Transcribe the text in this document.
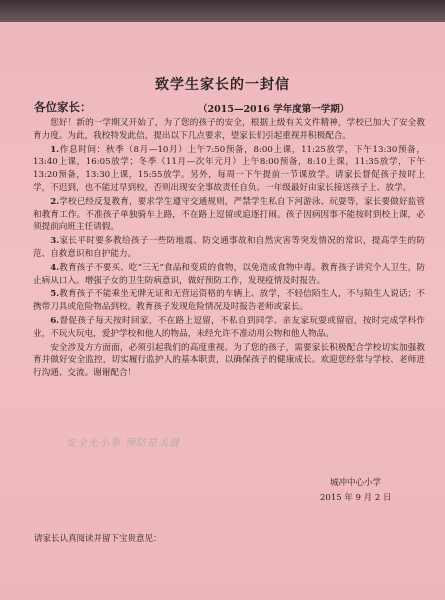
致学生家长的一封信
各位家长：	（2015—2016 学年度第一学期）

您好！新的一学期又开始了，为了您的孩子的安全，根据上级有关文件精神，学校已加大了安全教育力度。为此，我校特发此信，提出以下几点要求，望家长们引起重视并积极配合。

1.作息时间：秋季（8月—10月）上午7:50预备，8:00上课，11:25放学，下午13:30预备，13:40上课，16:05放学；冬季（11月—次年元月）上午8:00预备，8:10上课，11:35放学，下午13:20预备，13:30上课，15:55放学。另外，每周一下午提前一节课放学。请家长督促孩子按时上学，不迟到，也不能过早到校，否则出现安全事故责任自负。一年级最好由家长接送孩子上、放学。

2.学校已经反复教育，要求学生遵守交通规则，严禁学生私自下河游泳、玩耍等，家长要做好监管和教育工作。不准孩子单独骑车上路，不在路上逗留或追逐打闹。孩子因病因事不能按时到校上课，必须提前向班主任请假。

3.家长平时要多教给孩子一些防地震、防交通事故和自然灾害等突发情况的常识，提高学生的防范、自救意识和自护能力。

4.教育孩子不要买、吃“三无”食品和变质的食物，以免造成食物中毒。教育孩子讲究个人卫生，防止病从口入。增强子女的卫生防病意识，做好预防工作，发现疫情及时报告。

5.教育孩子不能乘坐无牌无证和无营运资格的车辆上、放学，不轻信陌生人，不与陌生人说话；不携带刀具或危险物品到校。教育孩子发现危险情况及时报告老师或家长。

6.督促孩子每天按时回家，不在路上逗留，不私自到同学、亲友家玩耍或留宿，按时完成学科作业，不玩火玩电，爱护学校和他人的物品，未经允许不准动用公物和他人物品。

安全涉及方方面面，必须引起我们的高度重视。为了您的孩子，需要家长积极配合学校切实加强教育并做好安全监控，切实履行监护人的基本职责，以确保孩子的健康成长。欢迎您经常与学校、老师进行沟通、交流。谢谢配合！

安全无小事 预防是关键
城冲中心小学
2015 年 9 月 2 日
请家长认真阅读并留下宝贵意见：
